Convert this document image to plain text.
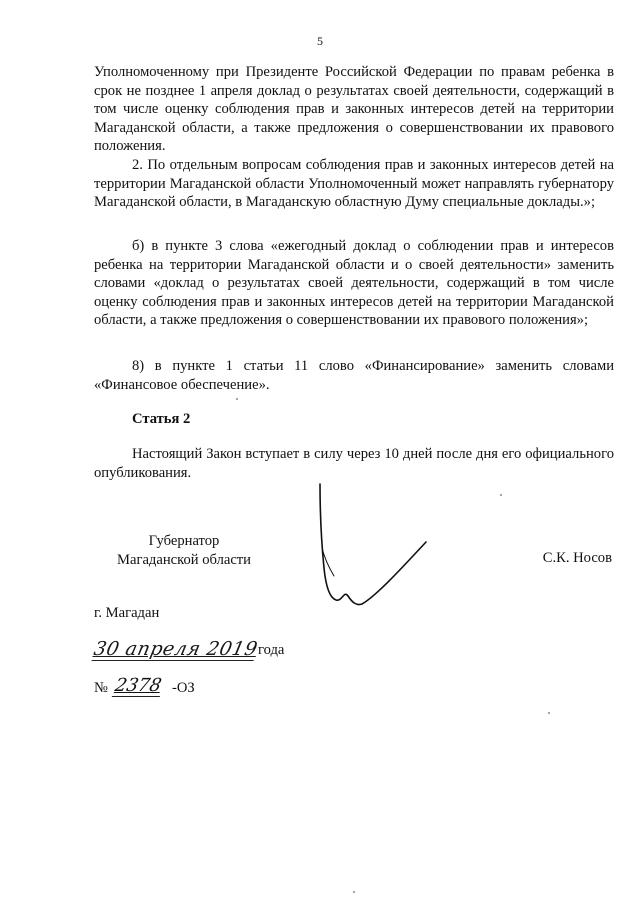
5

Уполномоченному при Президенте Российской Федерации по правам ребенка в срок не позднее 1 апреля доклад о результатах своей деятельности, содержащий в том числе оценку соблюдения прав и законных интересов детей на территории Магаданской области, а также предложения о совершенствовании их правового положения.

2. По отдельным вопросам соблюдения прав и законных интересов детей на территории Магаданской области Уполномоченный может направлять губернатору Магаданской области, в Магаданскую областную Думу специальные доклады.»;

б) в пункте 3 слова «ежегодный доклад о соблюдении прав и интересов ребенка на территории Магаданской области и о своей деятельности» заменить словами «доклад о результатах своей деятельности, содержащий в том числе оценку соблюдения прав и законных интересов детей на территории Магаданской области, а также предложения о совершенствовании их правового положения»;

8) в пункте 1 статьи 11 слово «Финансирование» заменить словами «Финансовое обеспечение».

Статья 2

Настоящий Закон вступает в силу через 10 дней после дня его официального опубликования.

Губернатор
Магаданской области	С.К. Носов
г. Магадан
30 апреля 2019
года
№ 2378 -ОЗ
